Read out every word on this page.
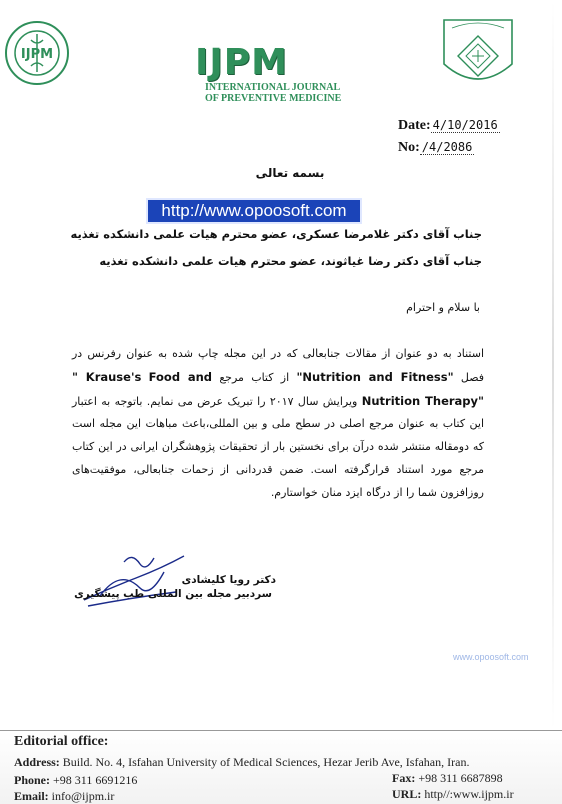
IJPM	IJPM
INTERNATIONAL JOURNAL
OF PREVENTIVE MEDICINE
Date: 4/10/2016
No: /4/2086
بسمه تعالی
http://www.opoosoft.com
جناب آقای دکتر غلامرضا عسکری، عضو محترم هیات علمی دانشکده تغذیه
جناب آقای دکتر رضا غیاثوند، عضو محترم هیات علمی دانشکده تغذیه
با سلام و احترام
استناد به دو عنوان از مقالات جنابعالی که در این مجله چاپ شده به عنوان رفرنس در فصل "Nutrition and Fitness" از کتاب مرجع " Krause's Food and Nutrition Therapy" ویرایش سال ۲۰۱۷ را تبریک عرض می نمایم. باتوجه به اعتبار این کتاب به عنوان مرجع اصلی در سطح ملی و بین المللی،باعث مباهات این مجله است که دومقاله منتشر شده درآن برای نخستین بار از تحقیقات پژوهشگران ایرانی در این کتاب مرجع مورد استناد قرارگرفته است. ضمن قدردانی از زحمات جنابعالی، موفقیت‌های روزافزون شما را از درگاه ایزد منان خواستارم.
دکتر رویا کلیشادی
سردبیر مجله بین المللی طب پیشگیری
www.opoosoft.com
Editorial office:
Address: Build. No. 4, Isfahan University of Medical Sciences, Hezar Jerib Ave, Isfahan, Iran.
Phone: +98 311 6691216	Fax: +98 311 6687898
Email: info@ijpm.ir	URL: http//:www.ijpm.ir
